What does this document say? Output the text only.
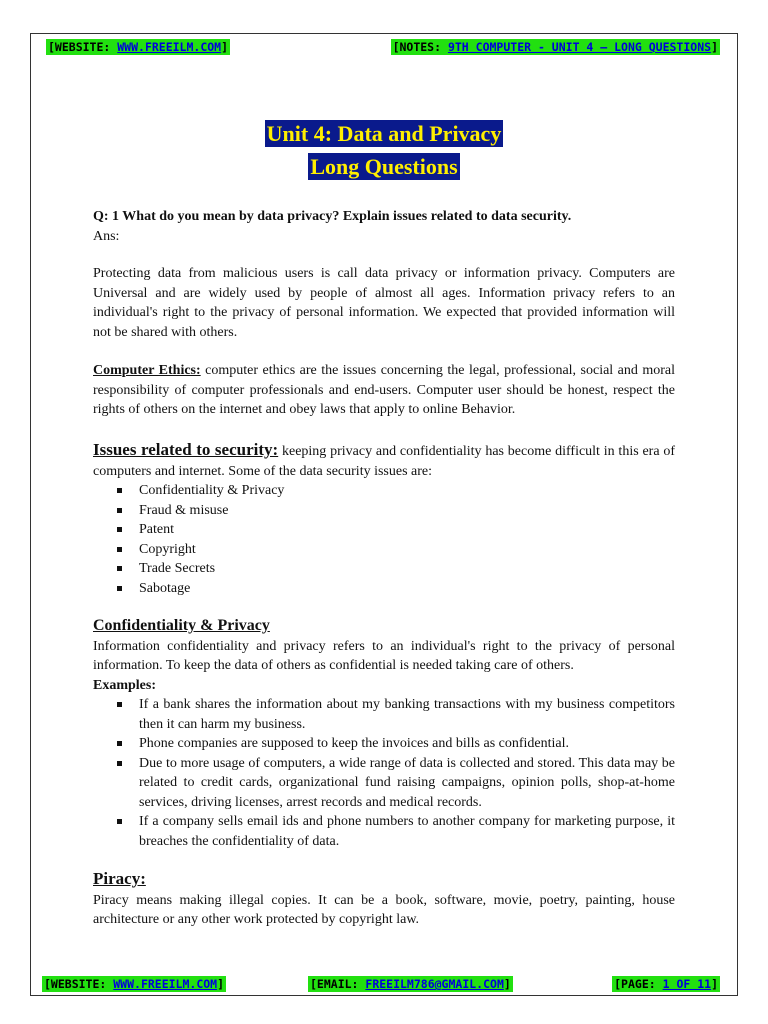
[WEBSITE: WWW.FREEILM.COM]	[NOTES: 9TH COMPUTER - UNIT 4 – LONG QUESTIONS]
Unit 4: Data and Privacy
Long Questions

Q: 1 What do you mean by data privacy? Explain issues related to data security.

Ans:

Protecting data from malicious users is call data privacy or information privacy. Computers are Universal and are widely used by people of almost all ages. Information privacy refers to an individual's right to the privacy of personal information. We expected that provided information will not be shared with others.

Computer Ethics: computer ethics are the issues concerning the legal, professional, social and moral responsibility of computer professionals and end-users. Computer user should be honest, respect the rights of others on the internet and obey laws that apply to online Behavior.

Issues related to security: keeping privacy and confidentiality has become difficult in this era of computers and internet. Some of the data security issues are:

Confidentiality & Privacy
Fraud & misuse
Patent
Copyright
Trade Secrets
Sabotage

Confidentiality & Privacy

Information confidentiality and privacy refers to an individual's right to the privacy of personal information. To keep the data of others as confidential is needed taking care of others.

Examples:

If a bank shares the information about my banking transactions with my business competitors then it can harm my business.
Phone companies are supposed to keep the invoices and bills as confidential.
Due to more usage of computers, a wide range of data is collected and stored. This data may be related to credit cards, organizational fund raising campaigns, opinion polls, shop-at-home services, driving licenses, arrest records and medical records.
If a company sells email ids and phone numbers to another company for marketing purpose, it breaches the confidentiality of data.

Piracy:

Piracy means making illegal copies. It can be a book, software, movie, poetry, painting, house architecture or any other work protected by copyright law.

[WEBSITE: WWW.FREEILM.COM]	[EMAIL: FREEILM786@GMAIL.COM]	[PAGE: 1 OF 11]
